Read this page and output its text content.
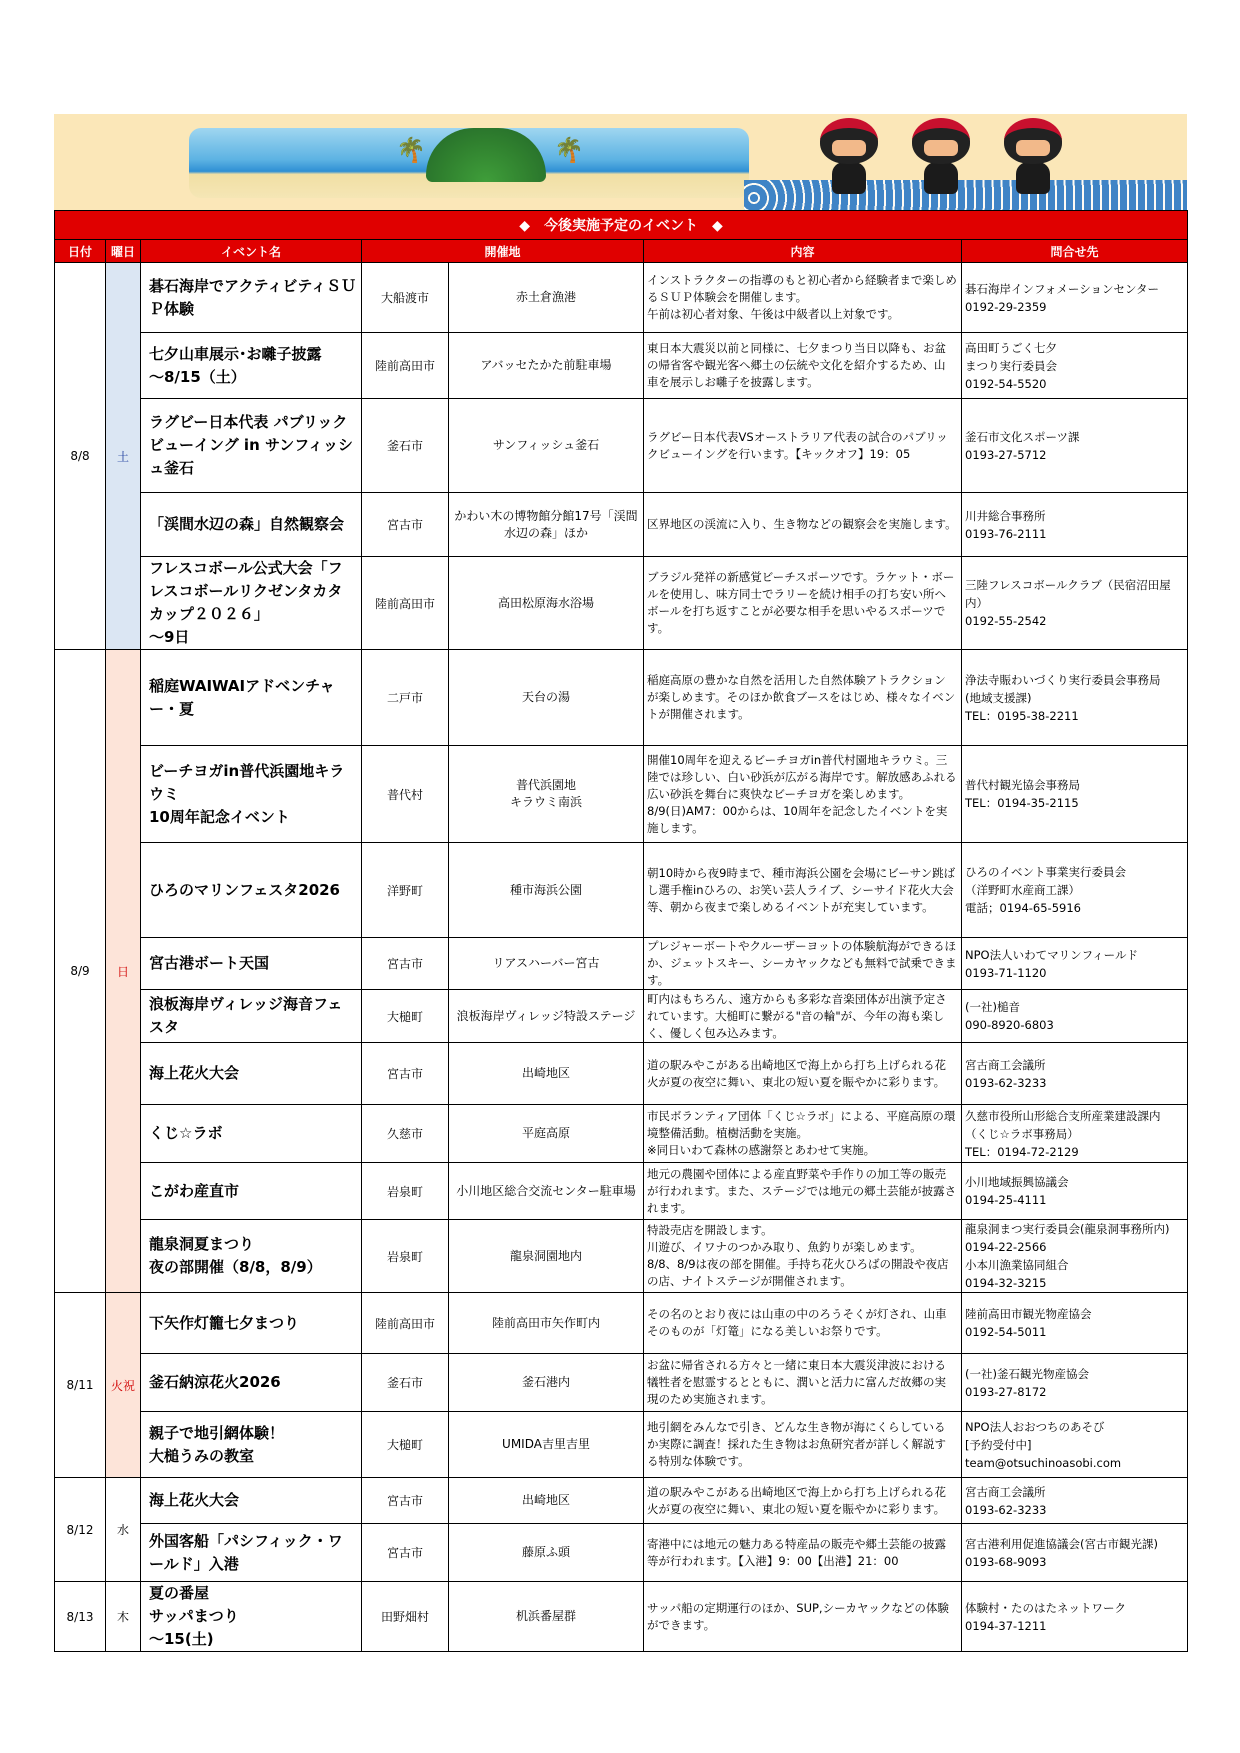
🌴	🌴
◆　今後実施予定のイベント　◆						
日付	曜日	イベント名	開催地		内容	問合せ先
8/8	土	碁石海岸でアクティビティＳＵＰ体験	大船渡市	赤土倉漁港	インストラクターの指導のもと初心者から経験者まで楽しめるＳＵＰ体験会を開催します。
午前は初心者対象、午後は中級者以上対象です。	碁石海岸インフォメーションセンター
0192-29-2359
		七夕山車展示･お囃子披露
～8/15（土）	陸前高田市	アバッセたかた前駐車場	東日本大震災以前と同様に、七夕まつり当日以降も、お盆の帰省客や観光客へ郷土の伝統や文化を紹介するため、山車を展示しお囃子を披露します。	高田町うごく七夕
まつり実行委員会
0192-54-5520
		ラグビー日本代表 パブリックビューイング in サンフィッシュ釜石	釜石市	サンフィッシュ釜石	ラグビー日本代表VSオーストラリア代表の試合のパブリックビューイングを行います。【キックオフ】19：05	釜石市文化スポーツ課
0193-27-5712
		「渓間水辺の森」自然観察会	宮古市	かわい木の博物館分館17号「渓間水辺の森」ほか	区界地区の渓流に入り、生き物などの観察会を実施します。	川井総合事務所
0193-76-2111
		フレスコボール公式大会「フレスコボールリクゼンタカタカップ２０２６」
～9日	陸前高田市	高田松原海水浴場	ブラジル発祥の新感覚ビーチスポーツです。ラケット・ボールを使用し、味方同士でラリーを続け相手の打ち安い所へボールを打ち返すことが必要な相手を思いやるスポーツです。	三陸フレスコボールクラブ（民宿沼田屋内）
0192-55-2542
8/9	日	稲庭WAIWAIアドベンチャー・夏	二戸市	天台の湯	稲庭高原の豊かな自然を活用した自然体験アトラクションが楽しめます。そのほか飲食ブースをはじめ、様々なイベントが開催されます。	浄法寺賑わいづくり実行委員会事務局
(地域支援課)
TEL：0195-38-2211
		ビーチヨガin普代浜園地キラウミ
10周年記念イベント	普代村	普代浜園地
キラウミ南浜	開催10周年を迎えるビーチヨガin普代村園地キラウミ。三陸では珍しい、白い砂浜が広がる海岸です。解放感あふれる広い砂浜を舞台に爽快なビーチヨガを楽しめます。
8/9(日)AM7：00からは、10周年を記念したイベントを実施します。	普代村観光協会事務局
TEL：0194-35-2115
		ひろのマリンフェスタ2026	洋野町	種市海浜公園	朝10時から夜9時まで、種市海浜公園を会場にビーサン跳ばし選手権inひろの、お笑い芸人ライブ、シーサイド花火大会等、朝から夜まで楽しめるイベントが充実しています。	ひろのイベント事業実行委員会
（洋野町水産商工課）
電話；0194-65-5916
		宮古港ボート天国	宮古市	リアスハーバー宮古	プレジャーボートやクルーザーヨットの体験航海ができるほか、ジェットスキー、シーカヤックなども無料で試乗できます。	NPO法人いわてマリンフィールド
0193-71-1120
		浪板海岸ヴィレッジ海音フェスタ	大槌町	浪板海岸ヴィレッジ特設ステージ	町内はもちろん、遠方からも多彩な音楽団体が出演予定されています。大槌町に繋がる"音の輪"が、今年の海も楽しく、優しく包み込みます。	(一社)槌音
090-8920-6803
		海上花火大会	宮古市	出崎地区	道の駅みやこがある出崎地区で海上から打ち上げられる花火が夏の夜空に舞い、東北の短い夏を賑やかに彩ります。	宮古商工会議所
0193-62-3233
		くじ☆ラボ	久慈市	平庭高原	市民ボランティア団体「くじ☆ラボ」による、平庭高原の環境整備活動。植樹活動を実施。
※同日いわて森林の感謝祭とあわせて実施。	久慈市役所山形総合支所産業建設課内
（くじ☆ラボ事務局）
TEL：0194-72-2129
		こがわ産直市	岩泉町	小川地区総合交流センター駐車場	地元の農園や団体による産直野菜や手作りの加工等の販売が行われます。また、ステージでは地元の郷土芸能が披露されます。	小川地域振興協議会
0194-25-4111
		龍泉洞夏まつり
夜の部開催（8/8，8/9）	岩泉町	龍泉洞園地内	特設売店を開設します。
川遊び、イワナのつかみ取り、魚釣りが楽しめます。
8/8、8/9は夜の部を開催。手持ち花火ひろばの開設や夜店の店、ナイトステージが開催されます。	龍泉洞まつ実行委員会(龍泉洞事務所内)
0194-22-2566
小本川漁業協同組合
0194-32-3215
8/11	火祝	下矢作灯籠七夕まつり	陸前高田市	陸前高田市矢作町内	その名のとおり夜には山車の中のろうそくが灯され、山車そのものが「灯篭」になる美しいお祭りです。	陸前高田市観光物産協会
0192-54-5011
		釜石納涼花火2026	釜石市	釜石港内	お盆に帰省される方々と一緒に東日本大震災津波における犠牲者を慰霊するとともに、潤いと活力に富んだ故郷の実現のため実施されます。	(一社)釜石観光物産協会
0193-27-8172
		親子で地引網体験！
大槌うみの教室	大槌町	UMIDA吉里吉里	地引網をみんなで引き、どんな生き物が海にくらしているか実際に調査！採れた生き物はお魚研究者が詳しく解説する特別な体験です。	NPO法人おおつちのあそび
[予約受付中]
team@otsuchinoasobi.com
8/12	水	海上花火大会	宮古市	出崎地区	道の駅みやこがある出崎地区で海上から打ち上げられる花火が夏の夜空に舞い、東北の短い夏を賑やかに彩ります。	宮古商工会議所
0193-62-3233
		外国客船「パシフィック・ワールド」入港	宮古市	藤原ふ頭	寄港中には地元の魅力ある特産品の販売や郷土芸能の披露等が行われます。【入港】9：00【出港】21：00	宮古港利用促進協議会(宮古市観光課)
0193-68-9093
8/13	木	夏の番屋
サッパまつり
～15(土)	田野畑村	机浜番屋群	サッパ船の定期運行のほか、SUP,シーカヤックなどの体験ができます。	体験村・たのはたネットワーク
0194-37-1211
